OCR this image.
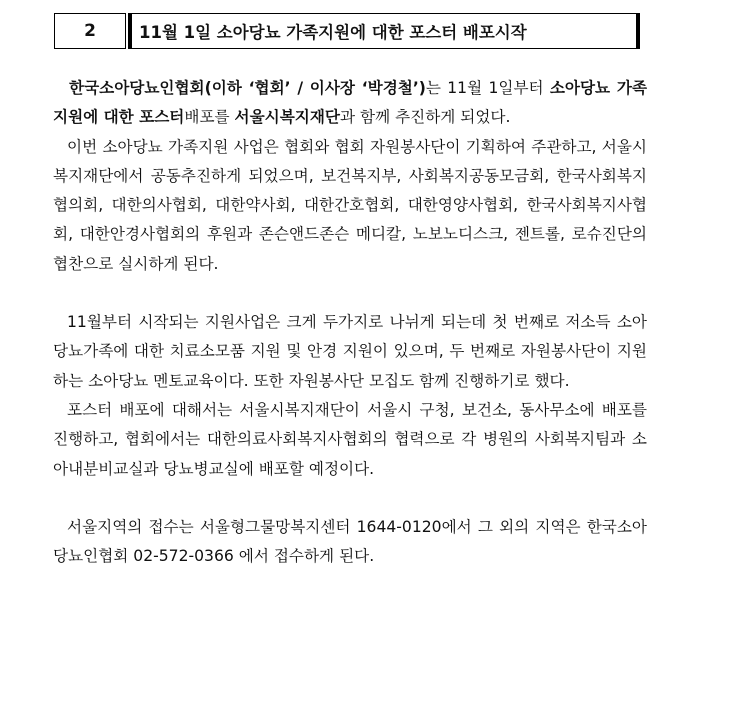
2	11월 1일 소아당뇨 가족지원에 대한 포스터 배포시작

한국소아당뇨인협회(이하 ‘협회’ / 이사장 ‘박경철’)는 11월 1일부터 소아당뇨 가족지원에 대한 포스터배포를 서울시복지재단과 함께 추진하게 되었다.

이번 소아당뇨 가족지원 사업은 협회와 협회 자원봉사단이 기획하여 주관하고, 서울시복지재단에서 공동추진하게 되었으며, 보건복지부, 사회복지공동모금회, 한국사회복지협의회, 대한의사협회, 대한약사회, 대한간호협회, 대한영양사협회, 한국사회복지사협회, 대한안경사협회의 후원과 존슨앤드존슨 메디칼, 노보노디스크, 젠트롤, 로슈진단의 협찬으로 실시하게 된다.

11월부터 시작되는 지원사업은 크게 두가지로 나뉘게 되는데 첫 번째로 저소득 소아당뇨가족에 대한 치료소모품 지원 및 안경 지원이 있으며, 두 번째로 자원봉사단이 지원하는 소아당뇨 멘토교육이다. 또한 자원봉사단 모집도 함께 진행하기로 했다.

포스터 배포에 대해서는 서울시복지재단이 서울시 구청, 보건소, 동사무소에 배포를 진행하고, 협회에서는 대한의료사회복지사협회의 협력으로 각 병원의 사회복지팀과 소아내분비교실과 당뇨병교실에 배포할 예정이다.

서울지역의 접수는 서울형그물망복지센터 1644-0120에서 그 외의 지역은 한국소아당뇨인협회 02-572-0366 에서 접수하게 된다.
